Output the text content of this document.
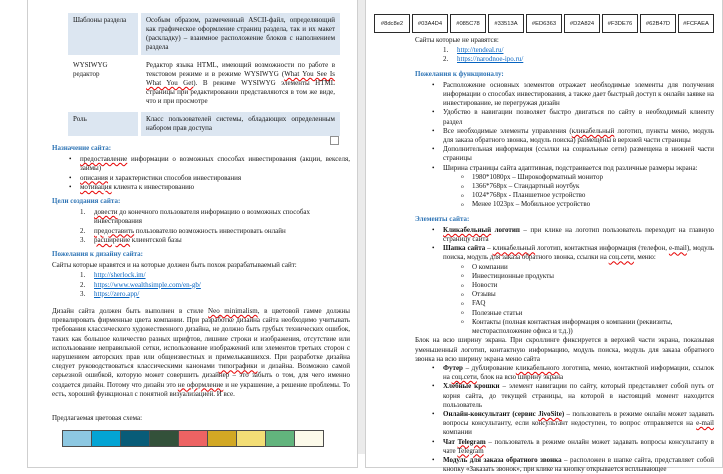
Шаблоны раздела	Особым образом, размеченный ASCII-файл, определяющий как графическое оформление страниц раздела, так и их макет (раскладку) – взаимное расположение блоков с наполнением раздела
WYSIWYG редактор	Редактор языка HTML, имеющий возможности по работе в текстовом режиме и в режиме WYSIWYG (What You See Is What You Get). В режиме WYSIWYG элементы HTML страницы при редактировании представляются в том же виде, что и при просмотре
Роль	Класс пользователей системы, обладающих определенным набором прав доступа
Назначение сайта:
• предоставление информации о возможных способах инвестирования (акции, векселя, займы)
• описания и характеристики способов инвестирования
• мотивация клиента к инвестированию
Цели создания сайта:
довести до конечного пользователя информацию о возможных способах инвестирования
предоставить пользователю возможность инвестировать онлайн
расширение клиентской базы
Пожелания к дизайну сайта:
Сайты которые нравятся и на которые должен быть похож разрабатываемый сайт:
http://sherlock.im/
https://www.wealthsimple.com/en-gb/
https://zero.app/
Дизайн сайта должен быть выполнен в стиле Neo minimalism, в цветовой гамме должны превалировать фирменные цвета компании. При разработке дизайна сайта необходимо учитывать требования классического художественного дизайна, не должно быть грубых технических ошибок, таких как большое количество разных шрифтов, лишние строки и изображения, отсутствие или использование неправильной сетки, использование изображений или элементов третьих сторон с нарушением авторских прав или общеизвестных и примелькавшихся. При разработке дизайна следует руководствоваться классическими канонами типографики и дизайна. Возможно самой серьезной ошибкой, которую может совершить дизайнер – это забыть о том, для чего именно создается дизайн. Потому что дизайн это не оформление и не украшение, а решение проблемы. То есть, хороший функционал с понятной визуализацией. И все.
Предлагаемая цветовая схема:
#8dc8e2	#03A4D4	#085C78	#33513A	#ED6363	#D2A824	#F3DE76	#62B47D	#FCFAEA
Сайты которые не нравятся:
http://tendeal.ru/
https://narodnoe-ipo.ru/
Пожелания к функционалу:
• Расположение основных элементов отражает необходимые элементы для получения информации о способах инвестирования, а также дает быстрый доступ к онлайн заявке на инвестирование, не перегружая дизайн
• Удобство в навигации позволяет быстро двигаться по сайту в необходимый клиенту раздел
• Все необходимые элементы управления (кликабельный логотип, пункты меню, модуль для заказа обратного звонка, модуль поиска) размещены в верхней части страницы
• Дополнительная информация (ссылки на социальные сети) размещена в нижней части страницы
• Ширина страницы сайта адаптивная, подстраивается под различные размеры экрана:
o 1980*1080px – Широкоформатный монитор
o 1366*768px – Стандартный ноутбук
o 1024*768px - Планшетное устройство
o Менее 1023px – Мобильное устройство
Элементы сайта:
• Кликабельный логотип – при клике на логотип пользователь переходит на главную страницу сайта
• Шапка сайта – кликабельный логотип, контактная информация (телефон, e-mail), модуль поиска, модуль для заказа обратного звонка, ссылки на соц.сети, меню:
o О компании
o Инвестиционные продукты
o Новости
o Отзывы
o FAQ
o Полезные статьи
o Контакты (полная контактная информация о компании (реквизиты, месторасположение офиса и т.д.))
Блок на всю ширину экрана. При скроллинге фиксируется в верхней части экрана, показывая уменьшенный логотип, контактную информацию, модуль поиска, модуль для заказа обратного звонка на всю ширину экрана меню сайта
• Футер – дублирование кликабельного логотипа, меню, контактной информации, ссылок на соц.сети, блок на всю ширину экрана
• Хлебные крошки – элемент навигации по сайту, который представляет собой путь от корня сайта, до текущей страницы, на которой в настоящий момент находится пользователь
• Онлайн-консультант (сервис JivoSite) – пользователь в режиме онлайн может задавать вопросы консультанту, если консультант недоступен, то вопрос отправляется на e-mail компании
• Чат Telegram – пользователь в режиме онлайн может задавать вопросы консультанту в чате Telegram
• Модуль для заказа обратного звонка – расположен в шапке сайта, представляет собой кнопку «Заказать звонок», при клике на кнопку открывается всплывающее
